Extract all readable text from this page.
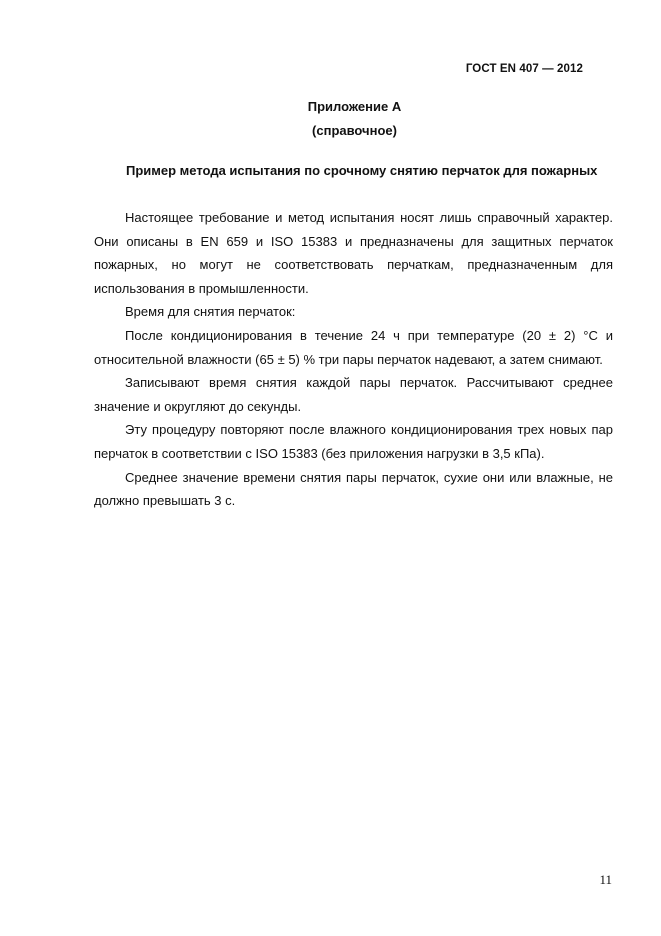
ГОСТ EN 407 — 2012
Приложение А
(справочное)
Пример метода испытания по срочному снятию перчаток для пожарных

Настоящее требование и метод испытания носят лишь справочный характер. Они описаны в EN 659 и ISO 15383 и предназначены для защитных перчаток пожарных, но могут не соответствовать перчаткам, предназначенным для использования в промышленности.

Время для снятия перчаток:

После кондиционирования в течение 24 ч при температуре (20 ± 2) °С и относительной влажности (65 ± 5) % три пары перчаток надевают, а затем снимают.

Записывают время снятия каждой пары перчаток. Рассчитывают среднее значение и округляют до секунды.

Эту процедуру повторяют после влажного кондиционирования трех новых пар перчаток в соответствии с ISO 15383 (без приложения нагрузки в 3,5 кПа).

Среднее значение времени снятия пары перчаток, сухие они или влажные, не должно превышать 3 с.

11
